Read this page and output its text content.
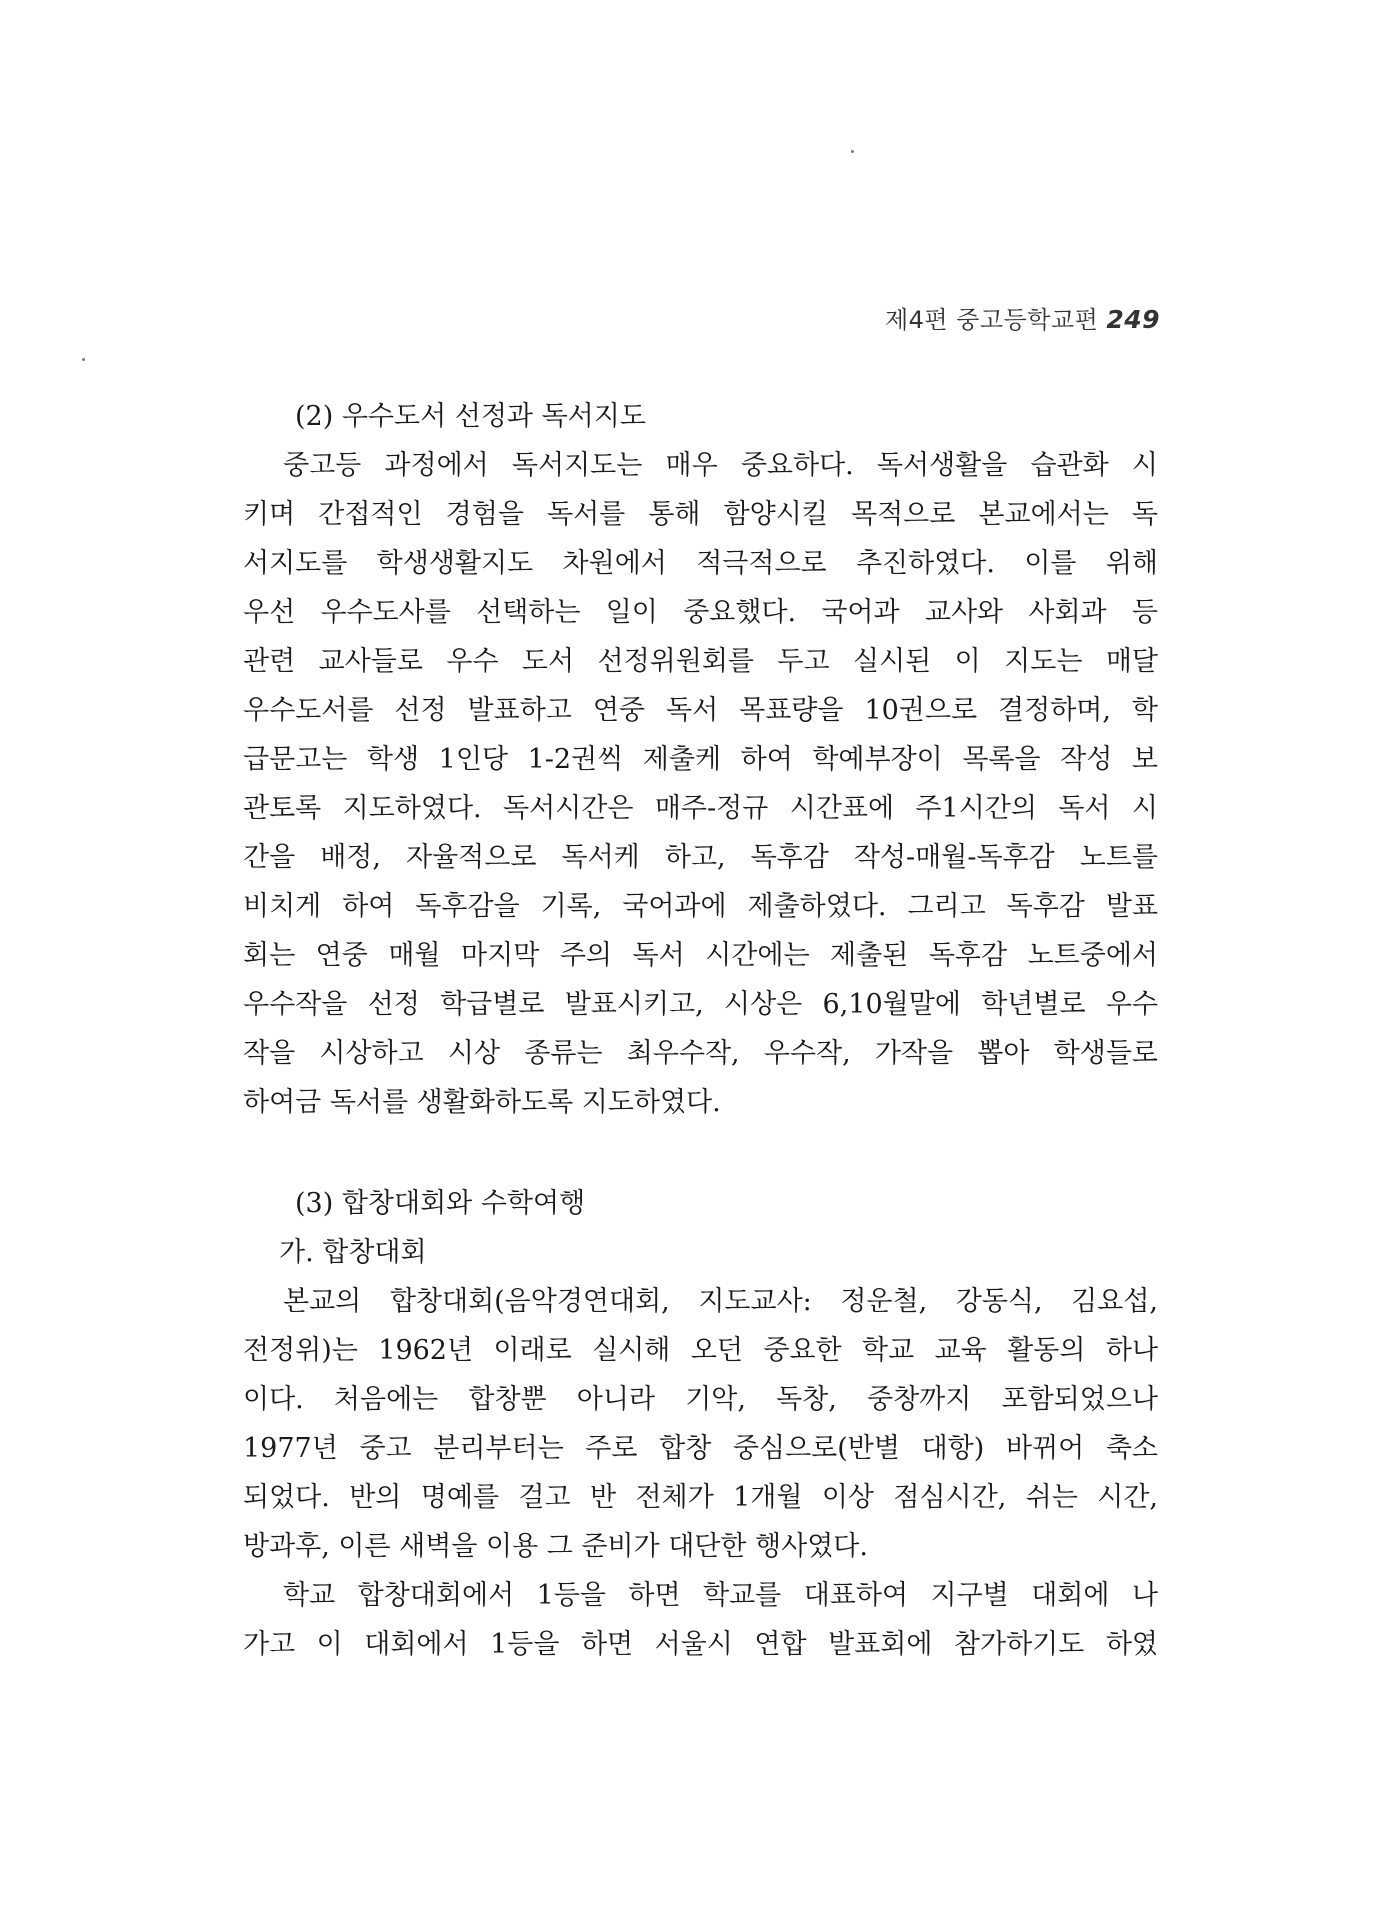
제4편 중고등학교편 249
(2) 우수도서 선정과 독서지도
중고등 과정에서 독서지도는 매우 중요하다. 독서생활을 습관화 시
키며 간접적인 경험을 독서를 통해 함양시킬 목적으로 본교에서는 독
서지도를 학생생활지도 차원에서 적극적으로 추진하였다. 이를 위해
우선 우수도사를 선택하는 일이 중요했다. 국어과 교사와 사회과 등
관련 교사들로 우수 도서 선정위원회를 두고 실시된 이 지도는 매달
우수도서를 선정 발표하고 연중 독서 목표량을 10권으로 결정하며, 학
급문고는 학생 1인당 1-2권씩 제출케 하여 학예부장이 목록을 작성 보
관토록 지도하였다. 독서시간은 매주-정규 시간표에 주1시간의 독서 시
간을 배정, 자율적으로 독서케 하고, 독후감 작성-매월-독후감 노트를
비치게 하여 독후감을 기록, 국어과에 제출하였다. 그리고 독후감 발표
회는 연중 매월 마지막 주의 독서 시간에는 제출된 독후감 노트중에서
우수작을 선정 학급별로 발표시키고, 시상은 6,10월말에 학년별로 우수
작을 시상하고 시상 종류는 최우수작, 우수작, 가작을 뽑아 학생들로
하여금 독서를 생활화하도록 지도하였다.
(3) 합창대회와 수학여행
가. 합창대회
본교의 합창대회(음악경연대회, 지도교사: 정운철, 강동식, 김요섭,
전정위)는 1962년 이래로 실시해 오던 중요한 학교 교육 활동의 하나
이다. 처음에는 합창뿐 아니라 기악, 독창, 중창까지 포함되었으나
1977년 중고 분리부터는 주로 합창 중심으로(반별 대항) 바뀌어 축소
되었다. 반의 명예를 걸고 반 전체가 1개월 이상 점심시간, 쉬는 시간,
방과후, 이른 새벽을 이용 그 준비가 대단한 행사였다.
학교 합창대회에서 1등을 하면 학교를 대표하여 지구별 대회에 나
가고 이 대회에서 1등을 하면 서울시 연합 발표회에 참가하기도 하였
